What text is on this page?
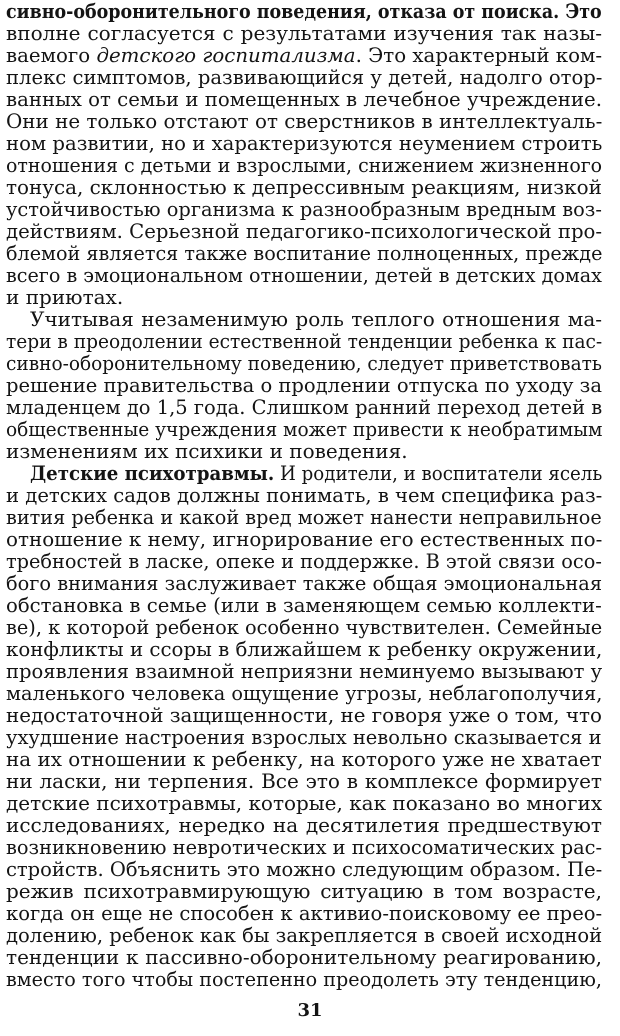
сивно-оборонительного поведения, отказа от поиска. Это
вполне согласуется с результатами изучения так назы-
ваемого детского госпитализма. Это характерный ком-
плекс симптомов, развивающийся у детей, надолго отор-
ванных от семьи и помещенных в лечебное учреждение.
Они не только отстают от сверстников в интеллектуаль-
ном развитии, но и характеризуются неумением строить
отношения с детьми и взрослыми, снижением жизненного
тонуса, склонностью к депрессивным реакциям, низкой
устойчивостью организма к разнообразным вредным воз-
действиям. Серьезной педагогико-психологической про-
блемой является также воспитание полноценных, прежде
всего в эмоциональном отношении, детей в детских домах
и приютах.
Учитывая незаменимую роль теплого отношения ма-
тери в преодолении естественной тенденции ребенка к пас-
сивно-оборонительному поведению, следует приветствовать
решение правительства о продлении отпуска по уходу за
младенцем до 1,5 года. Слишком ранний переход детей в
общественные учреждения может привести к необратимым
изменениям их психики и поведения.
Детские психотравмы. И родители, и воспитатели ясель
и детских садов должны понимать, в чем специфика раз-
вития ребенка и какой вред может нанести неправильное
отношение к нему, игнорирование его естественных по-
требностей в ласке, опеке и поддержке. В этой связи осо-
бого внимания заслуживает также общая эмоциональная
обстановка в семье (или в заменяющем семью коллекти-
ве), к которой ребенок особенно чувствителен. Семейные
конфликты и ссоры в ближайшем к ребенку окружении,
проявления взаимной неприязни неминуемо вызывают у
маленького человека ощущение угрозы, неблагополучия,
недостаточной защищенности, не говоря уже о том, что
ухудшение настроения взрослых невольно сказывается и
на их отношении к ребенку, на которого уже не хватает
ни ласки, ни терпения. Все это в комплексе формирует
детские психотравмы, которые, как показано во многих
исследованиях, нередко на десятилетия предшествуют
возникновению невротических и психосоматических рас-
стройств. Объяснить это можно следующим образом. Пе-
режив психотравмирующую ситуацию в том возрасте,
когда он еще не способен к активио-поисковому ее прео-
долению, ребенок как бы закрепляется в своей исходной
тенденции к пассивно-оборонительному реагированию,
вместо того чтобы постепенно преодолеть эту тенденцию,
31
